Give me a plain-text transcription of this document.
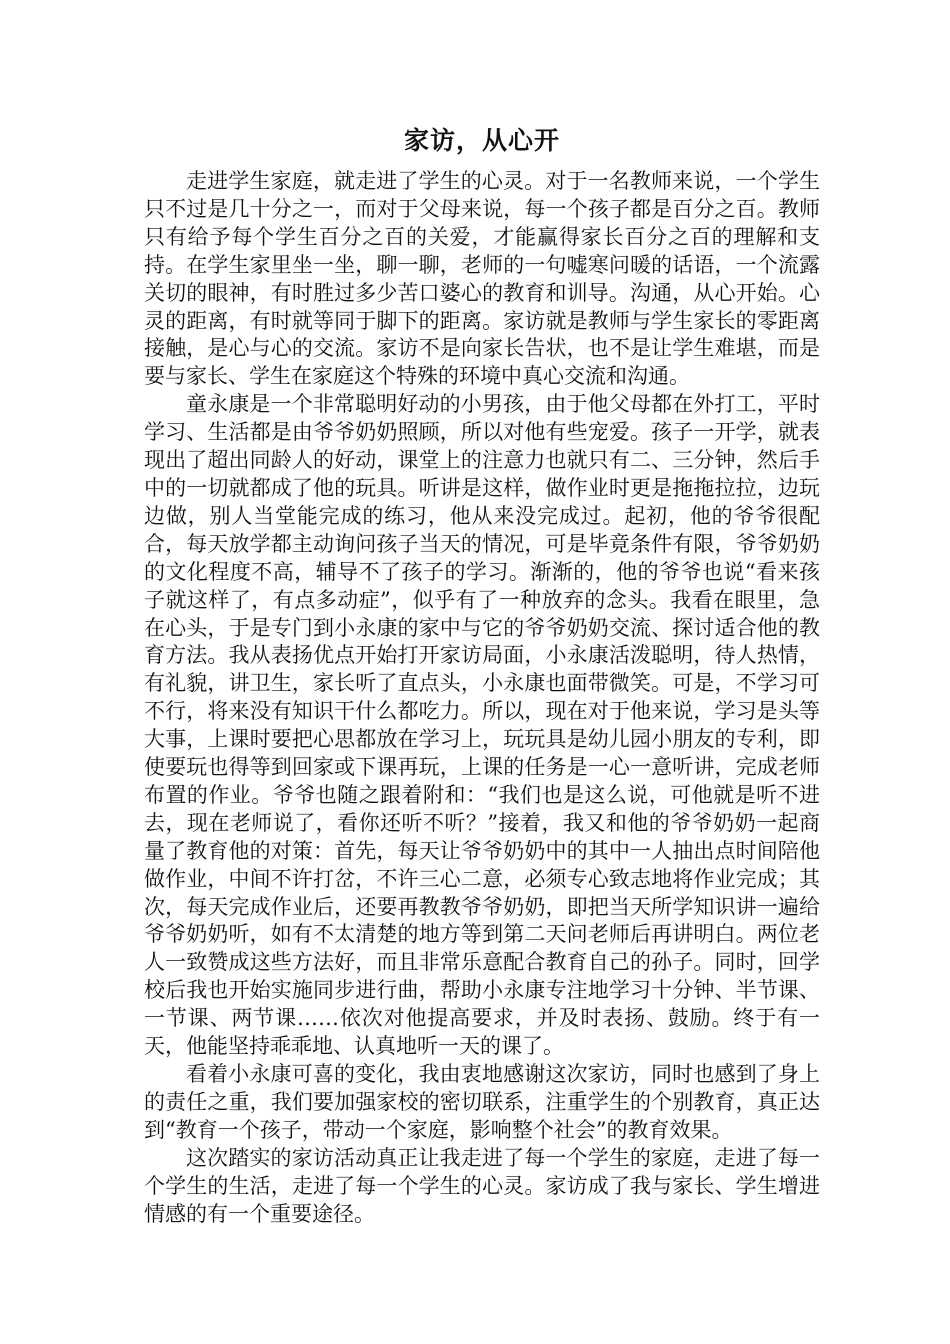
家访，从心开

走进学生家庭，就走进了学生的心灵。对于一名教师来说，一个学生只不过是几十分之一，而对于父母来说，每一个孩子都是百分之百。教师只有给予每个学生百分之百的关爱，才能赢得家长百分之百的理解和支持。在学生家里坐一坐，聊一聊，老师的一句嘘寒问暖的话语，一个流露关切的眼神，有时胜过多少苦口婆心的教育和训导。沟通，从心开始。心灵的距离，有时就等同于脚下的距离。家访就是教师与学生家长的零距离接触，是心与心的交流。家访不是向家长告状，也不是让学生难堪，而是要与家长、学生在家庭这个特殊的环境中真心交流和沟通。

童永康是一个非常聪明好动的小男孩，由于他父母都在外打工，平时学习、生活都是由爷爷奶奶照顾，所以对他有些宠爱。孩子一开学，就表现出了超出同龄人的好动，课堂上的注意力也就只有二、三分钟，然后手中的一切就都成了他的玩具。听讲是这样，做作业时更是拖拖拉拉，边玩边做，别人当堂能完成的练习，他从来没完成过。起初，他的爷爷很配合，每天放学都主动询问孩子当天的情况，可是毕竟条件有限，爷爷奶奶的文化程度不高，辅导不了孩子的学习。渐渐的，他的爷爷也说“看来孩子就这样了，有点多动症”，似乎有了一种放弃的念头。我看在眼里，急在心头，于是专门到小永康的家中与它的爷爷奶奶交流、探讨适合他的教育方法。我从表扬优点开始打开家访局面，小永康活泼聪明，待人热情，有礼貌，讲卫生，家长听了直点头，小永康也面带微笑。可是，不学习可不行，将来没有知识干什么都吃力。所以，现在对于他来说，学习是头等大事，上课时要把心思都放在学习上，玩玩具是幼儿园小朋友的专利，即使要玩也得等到回家或下课再玩，上课的任务是一心一意听讲，完成老师布置的作业。爷爷也随之跟着附和：“我们也是这么说，可他就是听不进去，现在老师说了，看你还听不听？”接着，我又和他的爷爷奶奶一起商量了教育他的对策：首先，每天让爷爷奶奶中的其中一人抽出点时间陪他做作业，中间不许打岔，不许三心二意，必须专心致志地将作业完成；其次，每天完成作业后，还要再教教爷爷奶奶，即把当天所学知识讲一遍给爷爷奶奶听，如有不太清楚的地方等到第二天问老师后再讲明白。两位老人一致赞成这些方法好，而且非常乐意配合教育自己的孙子。同时，回学校后我也开始实施同步进行曲，帮助小永康专注地学习十分钟、半节课、一节课、两节课……依次对他提高要求，并及时表扬、鼓励。终于有一天，他能坚持乖乖地、认真地听一天的课了。

看着小永康可喜的变化，我由衷地感谢这次家访，同时也感到了身上的责任之重，我们要加强家校的密切联系，注重学生的个别教育，真正达到“教育一个孩子，带动一个家庭，影响整个社会”的教育效果。

这次踏实的家访活动真正让我走进了每一个学生的家庭，走进了每一个学生的生活，走进了每一个学生的心灵。家访成了我与家长、学生增进情感的有一个重要途径。
